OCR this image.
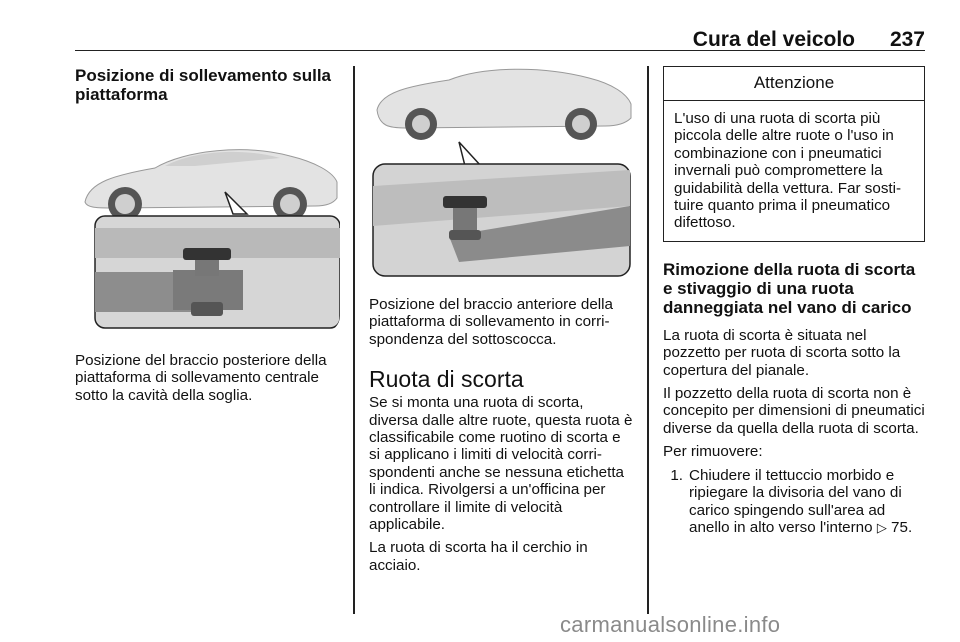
Cura del veicolo 237
Posizione di sollevamento sulla piattaforma
Posizione del braccio posteriore della piattaforma di sollevamento centrale sotto la cavità della soglia.
Posizione del braccio anteriore della piattaforma di sollevamento in corrispondenza del sottoscocca.
Ruota di scorta

Se si monta una ruota di scorta, diversa dalle altre ruote, questa ruota è classificabile come ruotino di scorta e si applicano i limiti di velocità corrispondenti anche se nessuna etichetta li indica. Rivolgersi a un'officina per controllare il limite di velocità applicabile.

La ruota di scorta ha il cerchio in acciaio.

Attenzione
L'uso di una ruota di scorta più piccola delle altre ruote o l'uso in combinazione con i pneumatici invernali può compromettere la guidabilità della vettura. Far sostituire quanto prima il pneumatico difettoso.
Rimozione della ruota di scorta e stivaggio di una ruota danneggiata nel vano di carico

La ruota di scorta è situata nel pozzetto per ruota di scorta sotto la copertura del pianale.

Il pozzetto della ruota di scorta non è concepito per dimensioni di pneumatici diverse da quella della ruota di scorta.

Per rimuovere:

1. Chiudere il tettuccio morbido e ripiegare la divisoria del vano di carico spingendo sull'area ad anello in alto verso l'interno ▷ 75.
carmanualsonline.info
